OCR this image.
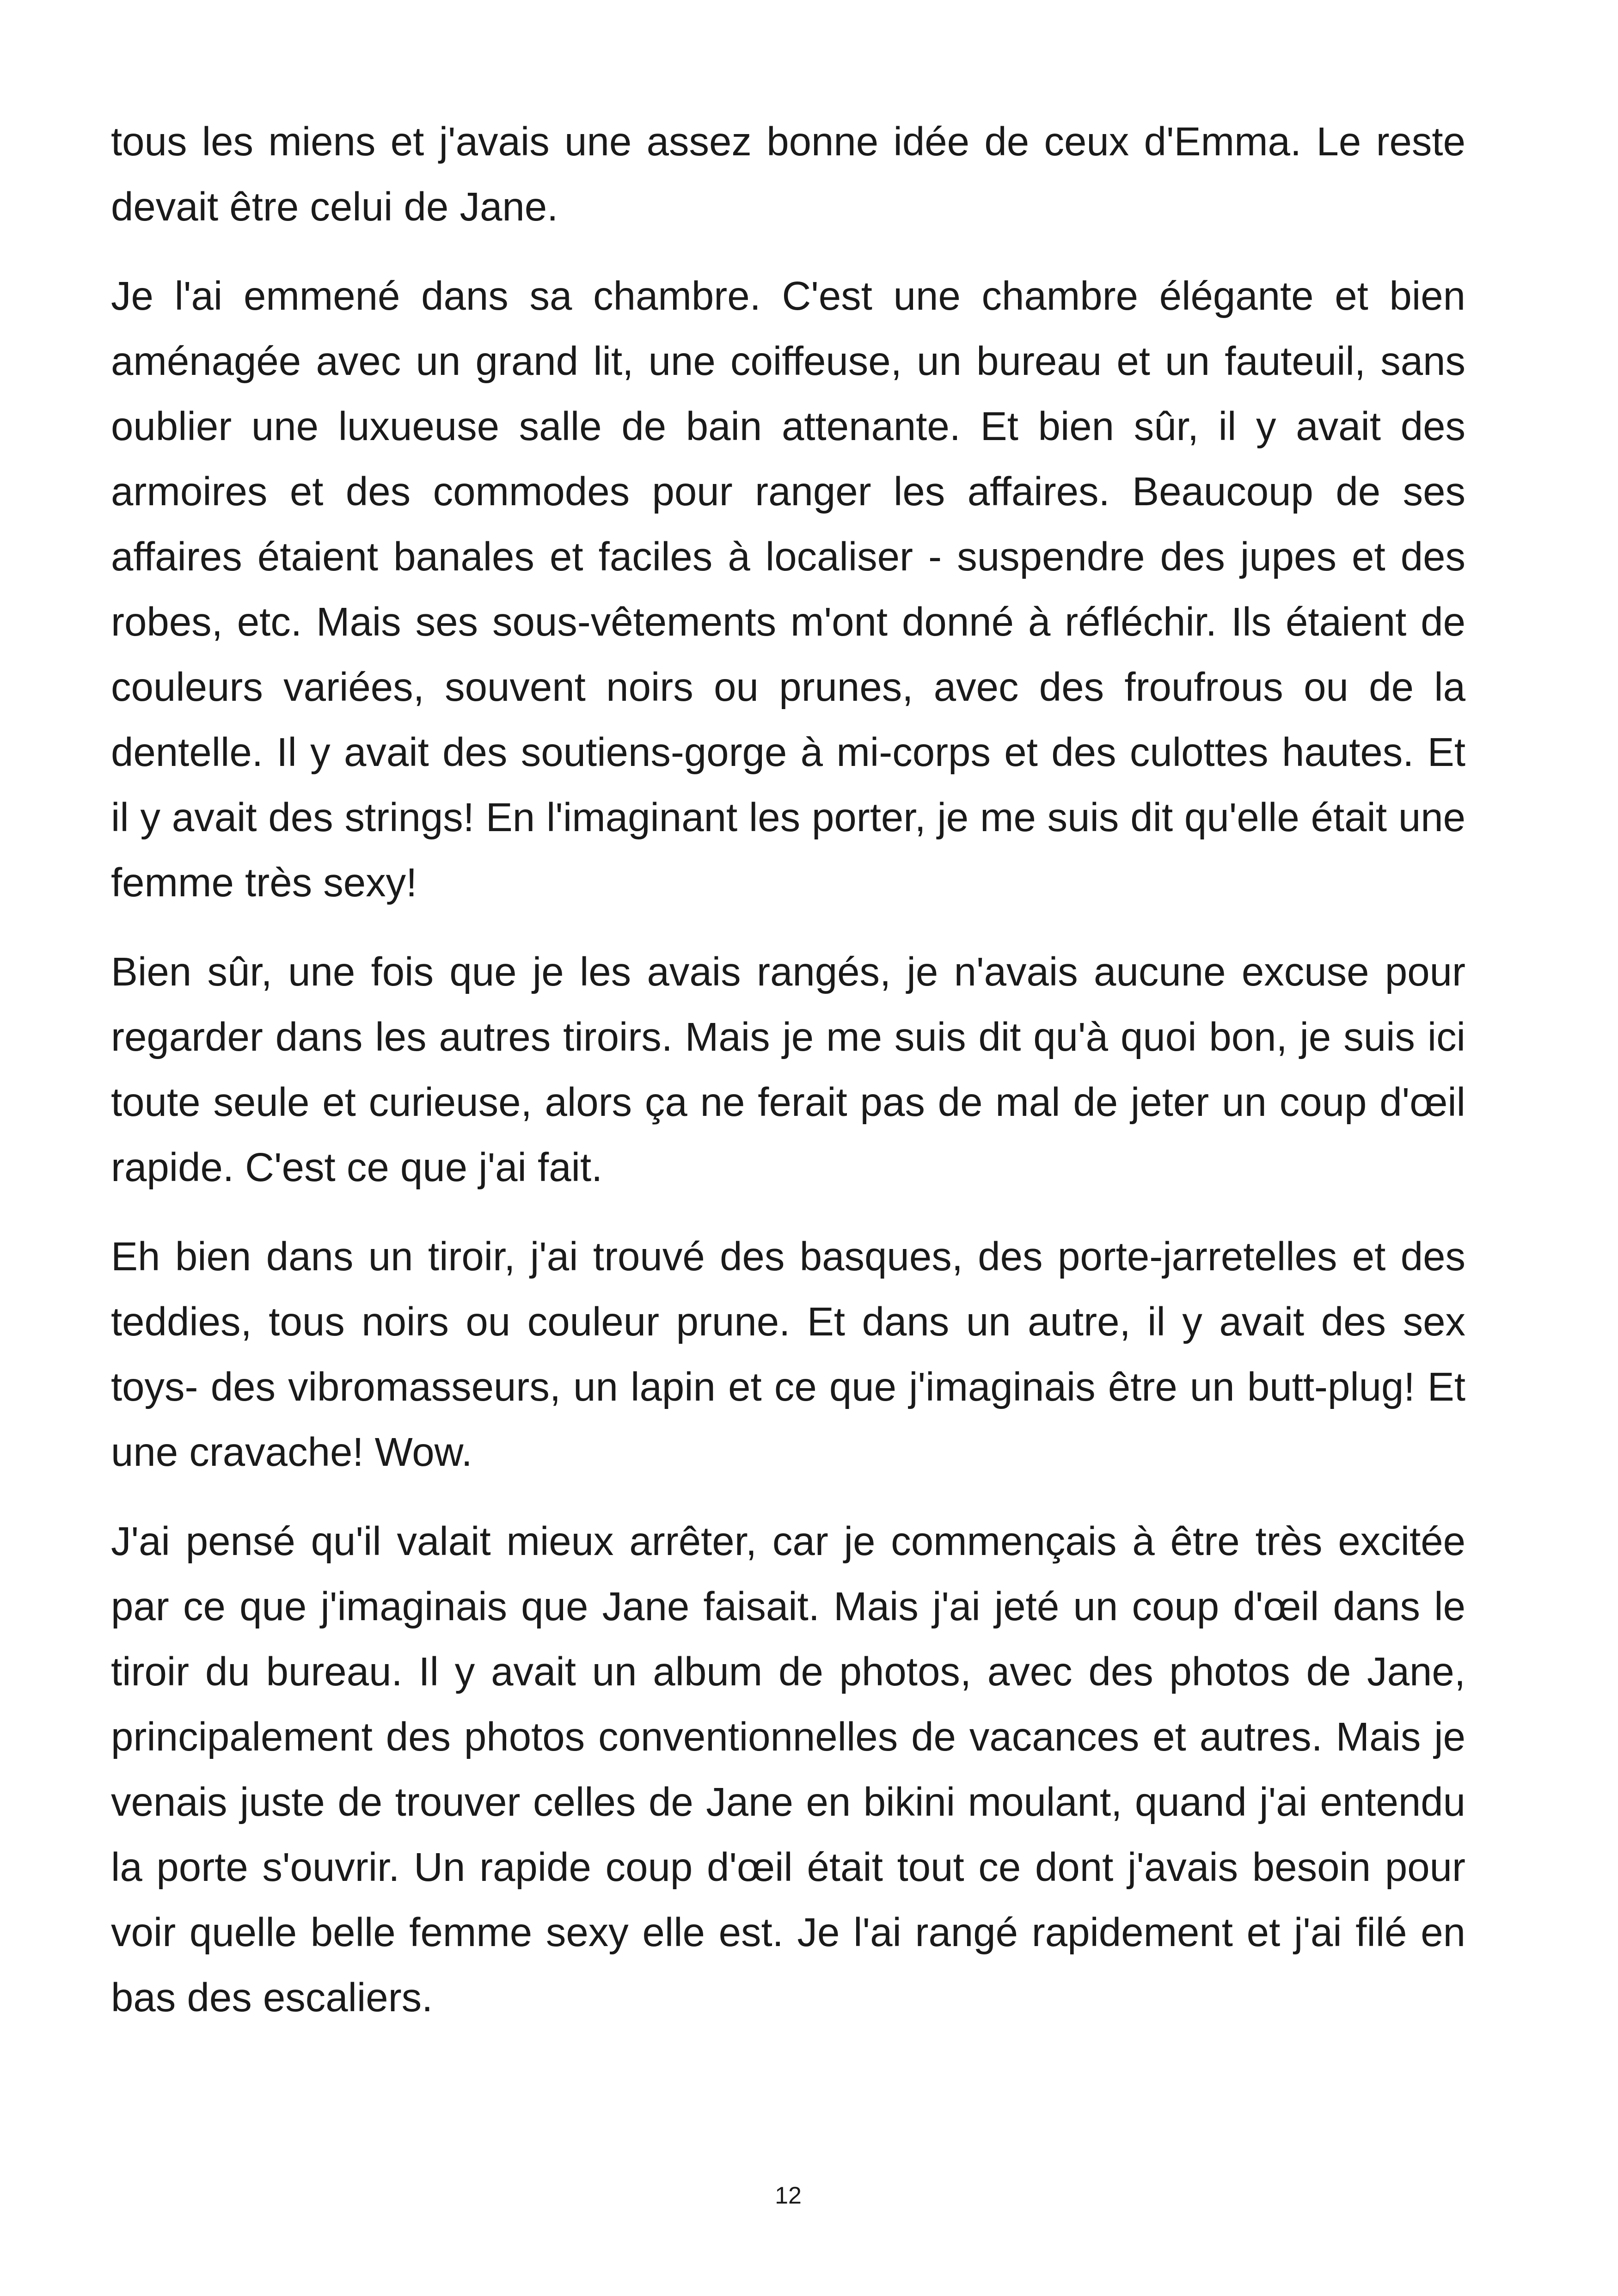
tous les miens et j'avais une assez bonne idée de ceux d'Emma. Le reste devait être celui de Jane.

Je l'ai emmené dans sa chambre. C'est une chambre élégante et bien aménagée avec un grand lit, une coiffeuse, un bureau et un fauteuil, sans oublier une luxueuse salle de bain attenante. Et bien sûr, il y avait des armoires et des commodes pour ranger les affaires. Beaucoup de ses affaires étaient banales et faciles à localiser - suspendre des jupes et des robes, etc. Mais ses sous-vêtements m'ont donné à réfléchir. Ils étaient de couleurs variées, souvent noirs ou prunes, avec des froufrous ou de la dentelle. Il y avait des soutiens-gorge à mi-corps et des culottes hautes. Et il y avait des strings! En l'imaginant les porter, je me suis dit qu'elle était une femme très sexy!

Bien sûr, une fois que je les avais rangés, je n'avais aucune excuse pour regarder dans les autres tiroirs. Mais je me suis dit qu'à quoi bon, je suis ici toute seule et curieuse, alors ça ne ferait pas de mal de jeter un coup d'œil rapide. C'est ce que j'ai fait.

Eh bien dans un tiroir, j'ai trouvé des basques, des porte-jarretelles et des teddies, tous noirs ou couleur prune. Et dans un autre, il y avait des sex toys- des vibromasseurs, un lapin et ce que j'imaginais être un butt-plug! Et une cravache! Wow.

J'ai pensé qu'il valait mieux arrêter, car je commençais à être très excitée par ce que j'imaginais que Jane faisait. Mais j'ai jeté un coup d'œil dans le tiroir du bureau. Il y avait un album de photos, avec des photos de Jane, principalement des photos conventionnelles de vacances et autres. Mais je venais juste de trouver celles de Jane en bikini moulant, quand j'ai entendu la porte s'ouvrir. Un rapide coup d'œil était tout ce dont j'avais besoin pour voir quelle belle femme sexy elle est. Je l'ai rangé rapidement et j'ai filé en bas des escaliers.

12
